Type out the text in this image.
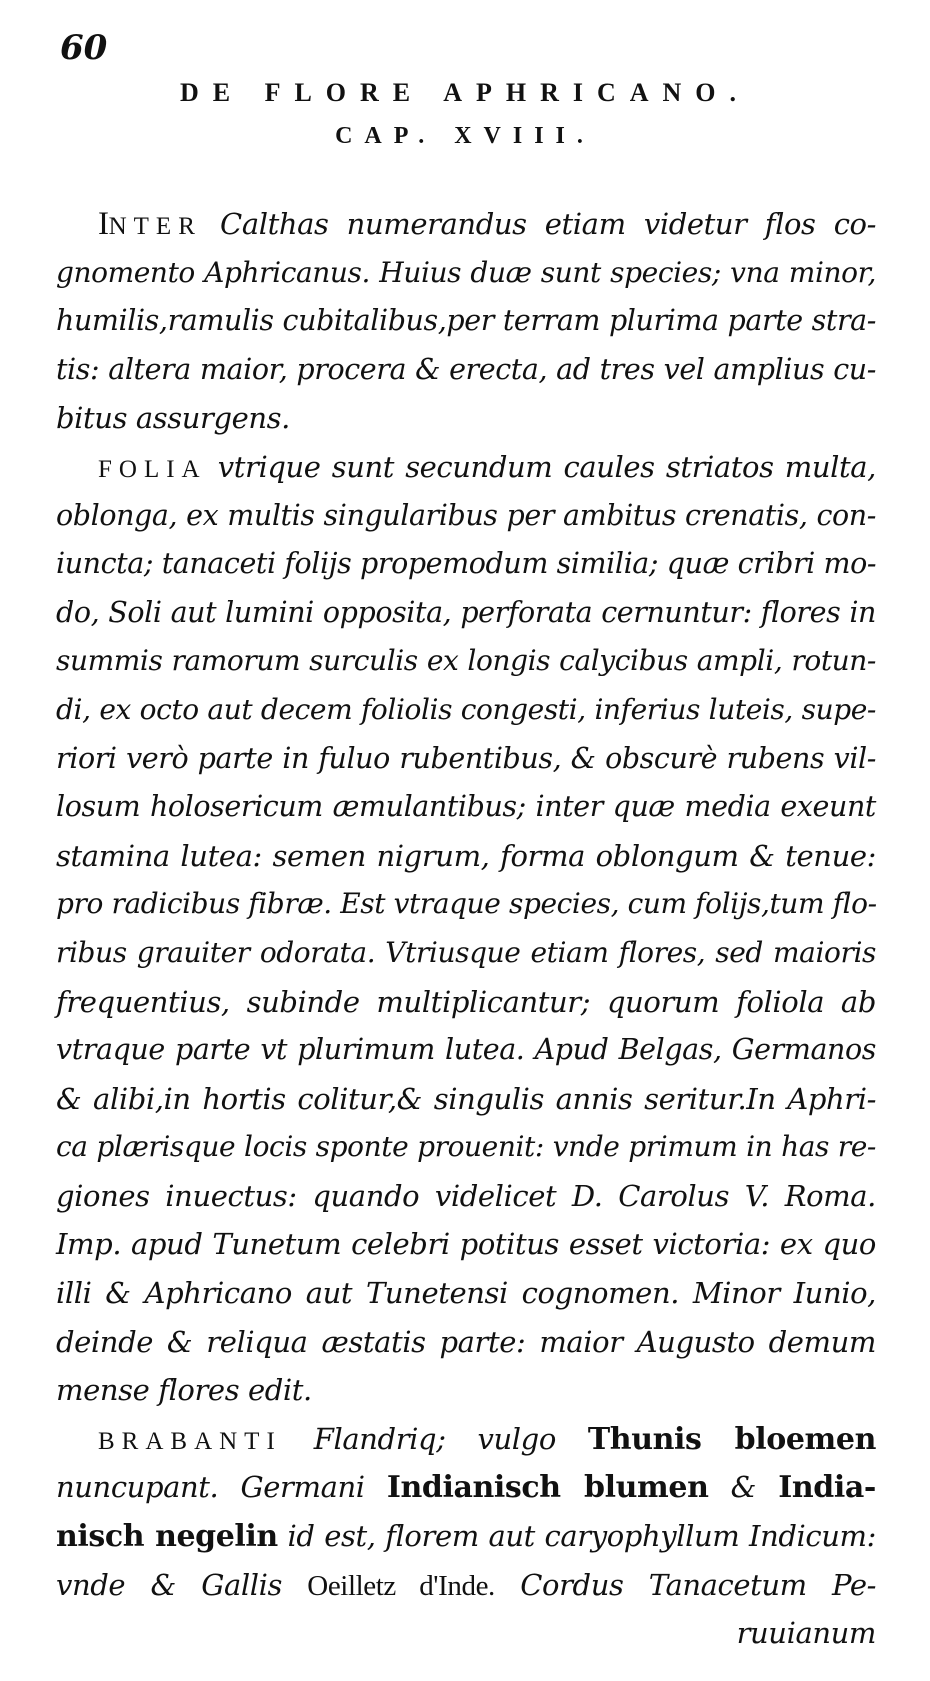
60
DE FLORE APHRICANO.
CAP. XVIII.
INTER Calthas numerandus etiam videtur flos co-
gnomento Aphricanus. Huius duæ sunt species; vna minor,
humilis,ramulis cubitalibus,per terram plurima parte stra-
tis: altera maior, procera & erecta, ad tres vel amplius cu-
bitus assurgens.
FOLIA vtrique sunt secundum caules striatos multa,
oblonga, ex multis singularibus per ambitus crenatis, con-
iuncta; tanaceti folijs propemodum similia; quæ cribri mo-
do, Soli aut lumini opposita, perforata cernuntur: flores in
summis ramorum surculis ex longis calycibus ampli, rotun-
di, ex octo aut decem foliolis congesti, inferius luteis, supe-
riori verò parte in fuluo rubentibus, & obscurè rubens vil-
losum holosericum æmulantibus; inter quæ media exeunt
stamina lutea: semen nigrum, forma oblongum & tenue:
pro radicibus fibræ. Est vtraque species, cum folijs,tum flo-
ribus grauiter odorata. Vtriusque etiam flores, sed maioris
frequentius, subinde multiplicantur; quorum foliola ab
vtraque parte vt plurimum lutea. Apud Belgas, Germanos
& alibi,in hortis colitur,& singulis annis seritur.In Aphri-
ca plærisque locis sponte prouenit: vnde primum in has re-
giones inuectus: quando videlicet D. Carolus V. Roma.
Imp. apud Tunetum celebri potitus esset victoria: ex quo
illi & Aphricano aut Tunetensi cognomen. Minor Iunio,
deinde & reliqua æstatis parte: maior Augusto demum
mense flores edit.
BRABANTI Flandriq; vulgo Thunis bloemen
nuncupant. Germani Indianisch blumen & India-
nisch negelin id est, florem aut caryophyllum Indicum:
vnde & Gallis Oeilletz d'Inde. Cordus Tanacetum Pe-
ruuianum
